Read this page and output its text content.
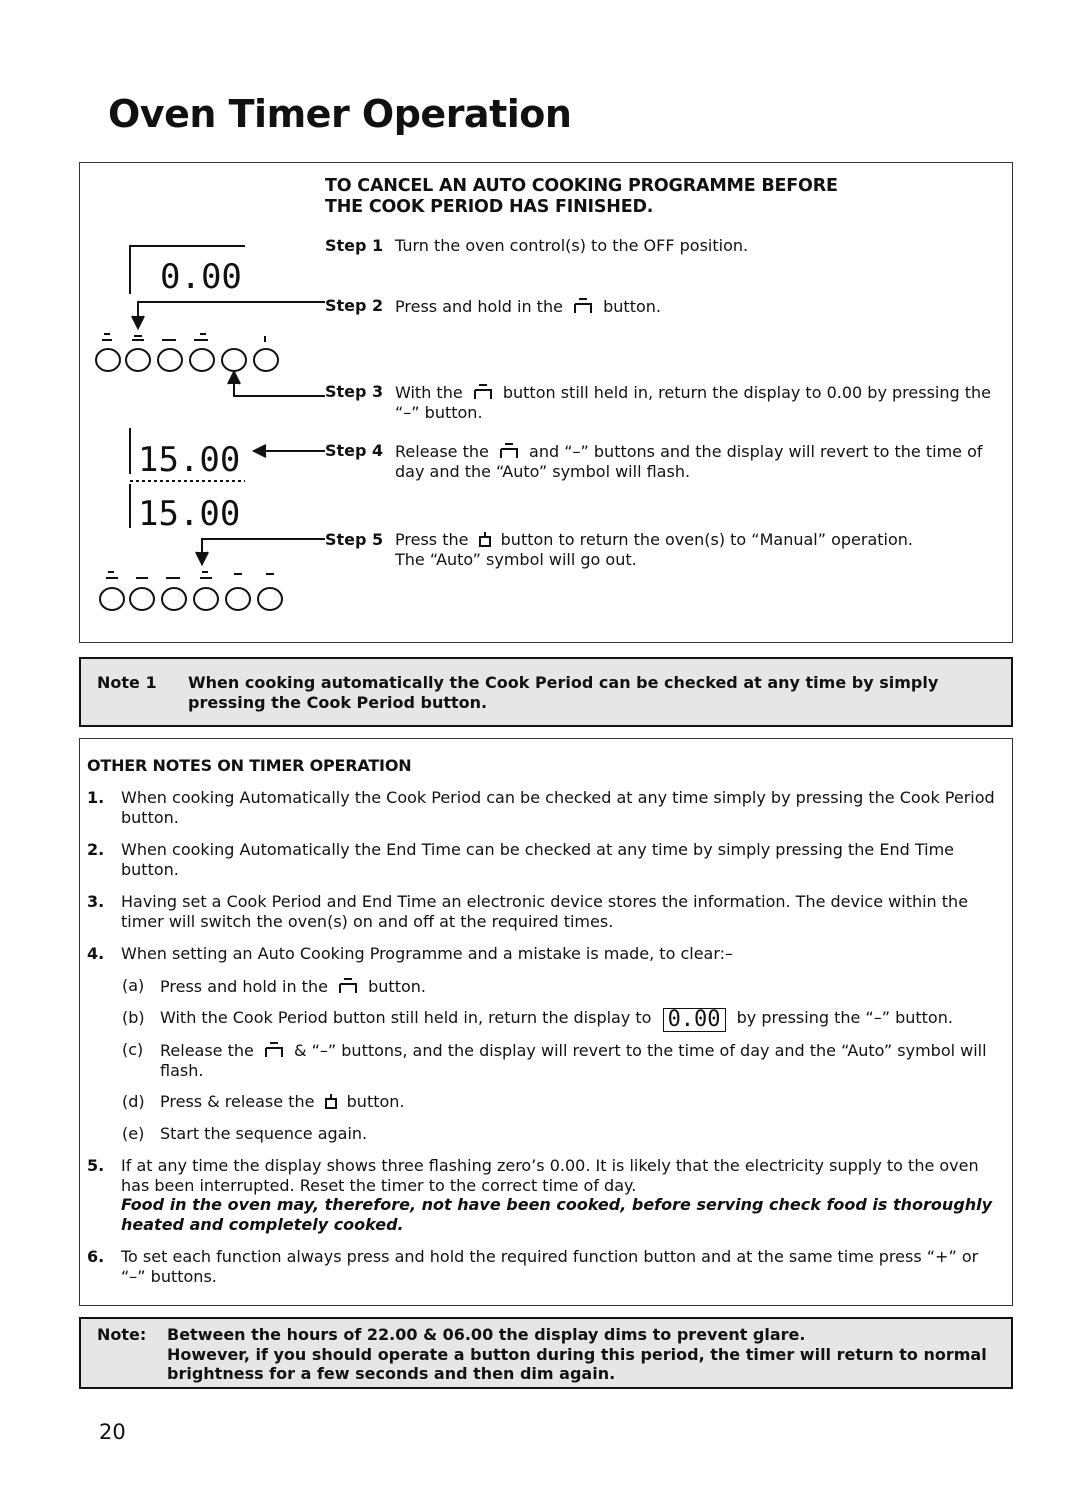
Oven Timer Operation
TO CANCEL AN AUTO COOKING PROGRAMME BEFORE
THE COOK PERIOD HAS FINISHED.
0.00
15.00
15.00
Step 1 Turn the oven control(s) to the OFF position.
Step 2 Press and hold in the	button.
Step 3 With the	button still held in, return the display to 0.00 by pressing the “–” button.
Step 4 Release the	and “–” buttons and the display will revert to the time of day and the “Auto” symbol will flash.
Step 5 Press the button to return the oven(s) to “Manual” operation.
The “Auto” symbol will go out.
Note 1 When cooking automatically the Cook Period can be checked at any time by simply pressing the Cook Period button.
OTHER NOTES ON TIMER OPERATION
1. When cooking Automatically the Cook Period can be checked at any time simply by pressing the Cook Period button.
2. When cooking Automatically the End Time can be checked at any time by simply pressing the End Time button.
3. Having set a Cook Period and End Time an electronic device stores the information. The device within the timer will switch the oven(s) on and off at the required times.
4. When setting an Auto Cooking Programme and a mistake is made, to clear:–
(a) Press and hold in the	button.
(b) With the Cook Period button still held in, return the display to 0.00 by pressing the “–” button.
(c) Release the	& “–” buttons, and the display will revert to the time of day and the “Auto” symbol will flash.
(d) Press & release the button.
(e) Start the sequence again.
5. If at any time the display shows three flashing zero’s 0.00. It is likely that the electricity supply to the oven has been interrupted. Reset the timer to the correct time of day.
Food in the oven may, therefore, not have been cooked, before serving check food is thoroughly heated and completely cooked.
6. To set each function always press and hold the required function button and at the same time press “+” or “–” buttons.
Note: Between the hours of 22.00 & 06.00 the display dims to prevent glare.
However, if you should operate a button during this period, the timer will return to normal brightness for a few seconds and then dim again.
20
